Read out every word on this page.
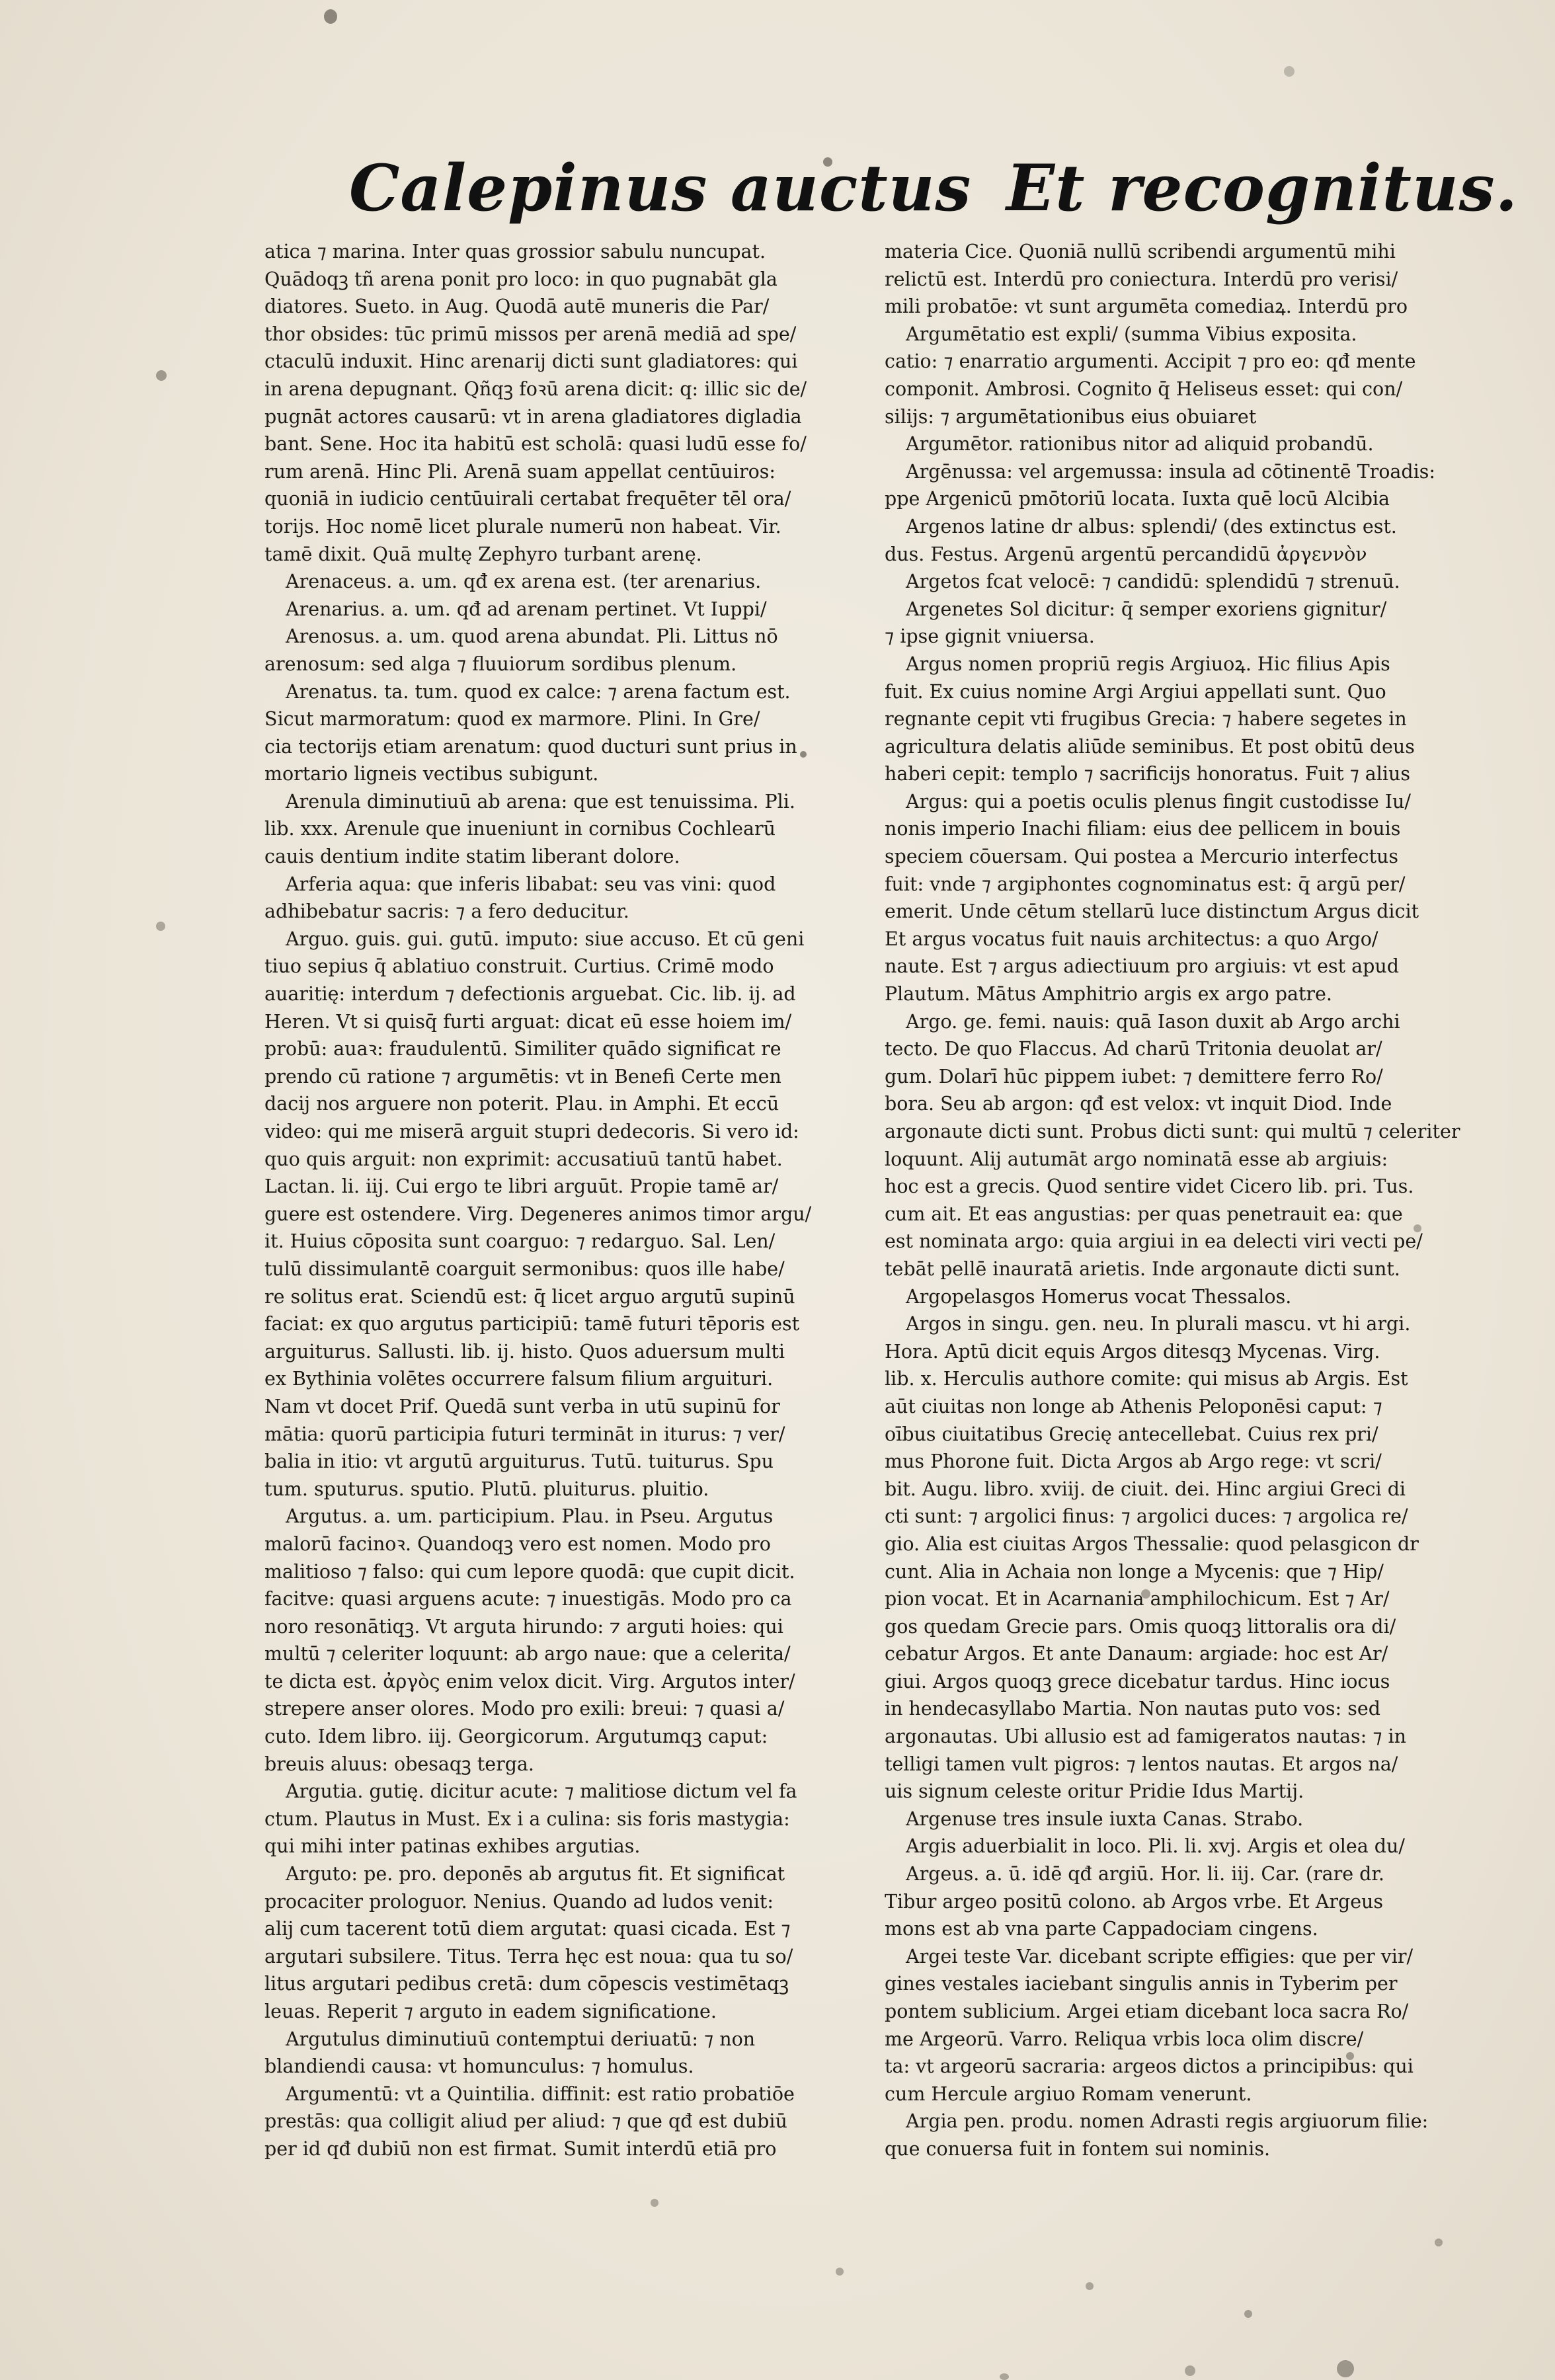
Calepinus auctus Et recognitus.
atica ⁊ marina. Inter quas grossior sabulu nuncupat.
Quādoqꝫ tñ arena ponit pro loco: in quo pugnabāt gla
diatores. Sueto. in Aug. Quodā autē muneris die Par/
thor obsides: tūc primū missos per arenā mediā ad spe/
ctaculū induxit. Hinc arenarij dicti sunt gladiatores: qui
in arena depugnant. Qñqꝫ foꝛū arena dicit: q: illic sic de/
pugnāt actores causarū: vt in arena gladiatores digladia
bant. Sene. Hoc ita habitū est scholā: quasi ludū esse fo/
rum arenā. Hinc Pli. Arenā suam appellat centūuiros:
quoniā in iudicio centūuirali certabat frequēter tēl ora/
torijs. Hoc nomē licet plurale numerū non habeat. Vir.
tamē dixit. Quā multę Zephyro turbant arenę.
Arenaceus. a. um. qđ ex arena est. (ter arenarius.
Arenarius. a. um. qđ ad arenam pertinet. Vt Iuppi/
Arenosus. a. um. quod arena abundat. Pli. Littus nō
arenosum: sed alga ⁊ fluuiorum sordibus plenum.
Arenatus. ta. tum. quod ex calce: ⁊ arena factum est.
Sicut marmoratum: quod ex marmore. Plini. In Gre/
cia tectorijs etiam arenatum: quod ducturi sunt prius in
mortario ligneis vectibus subigunt.
Arenula diminutiuū ab arena: que est tenuissima. Pli.
lib. xxx. Arenule que inueniunt in cornibus Cochlearū
cauis dentium indite statim liberant dolore.
Arferia aqua: que inferis libabat: seu vas vini: quod
adhibebatur sacris: ⁊ a fero deducitur.
Arguo. guis. gui. gutū. imputo: siue accuso. Et cū geni
tiuo sepius q̄ ablatiuo construit. Curtius. Crimē modo
auaritię: interdum ⁊ defectionis arguebat. Cic. lib. ij. ad
Heren. Vt si quisq̄ furti arguat: dicat eū esse hoiem im/
probū: auaꝛ: fraudulentū. Similiter quādo significat re
prendo cū ratione ⁊ argumētis: vt in Benefi Certe men
dacij nos arguere non poterit. Plau. in Amphi. Et eccū
video: qui me miserā arguit stupri dedecoris. Si vero id:
quo quis arguit: non exprimit: accusatiuū tantū habet.
Lactan. li. iij. Cui ergo te libri arguūt. Propie tamē ar/
guere est ostendere. Virg. Degeneres animos timor argu/
it. Huius cōposita sunt coarguo: ⁊ redarguo. Sal. Len/
tulū dissimulantē coarguit sermonibus: quos ille habe/
re solitus erat. Sciendū est: q̄ licet arguo argutū supinū
faciat: ex quo argutus participiū: tamē futuri tēporis est
arguiturus. Sallusti. lib. ij. histo. Quos aduersum multi
ex Bythinia volētes occurrere falsum filium arguituri.
Nam vt docet Prif. Quedā sunt verba in utū supinū for
mātia: quorū participia futuri termināt in iturus: ⁊ ver/
balia in itio: vt argutū arguiturus. Tutū. tuiturus. Spu
tum. sputurus. sputio. Plutū. pluiturus. pluitio.
Argutus. a. um. participium. Plau. in Pseu. Argutus
malorū facinoꝛ. Quandoqꝫ vero est nomen. Modo pro
malitioso ⁊ falso: qui cum lepore quodā: que cupit dicit.
facitve: quasi arguens acute: ⁊ inuestigās. Modo pro ca
noro resonātiqꝫ. Vt arguta hirundo: ⁊ arguti hoies: qui
multū ⁊ celeriter loquunt: ab argo naue: que a celerita/
te dicta est. ἀργὸς enim velox dicit. Virg. Argutos inter/
strepere anser olores. Modo pro exili: breui: ⁊ quasi a/
cuto. Idem libro. iij. Georgicorum. Argutumqꝫ caput:
breuis aluus: obesaqꝫ terga.
Argutia. gutię. dicitur acute: ⁊ malitiose dictum vel fa
ctum. Plautus in Must. Ex i a culina: sis foris mastygia:
qui mihi inter patinas exhibes argutias.
Arguto: pe. pro. deponēs ab argutus fit. Et significat
procaciter prologuor. Nenius. Quando ad ludos venit:
alij cum tacerent totū diem argutat: quasi cicada. Est ⁊
argutari subsilere. Titus. Terra hęc est noua: qua tu so/
litus argutari pedibus cretā: dum cōpescis vestimētaqꝫ
leuas. Reperit ⁊ arguto in eadem significatione.
Argutulus diminutiuū contemptui deriuatū: ⁊ non
blandiendi causa: vt homunculus: ⁊ homulus.
Argumentū: vt a Quintilia. diffinit: est ratio probatiōe
prestās: qua colligit aliud per aliud: ⁊ que qđ est dubiū
per id qđ dubiū non est firmat. Sumit interdū etiā pro
materia Cice. Quoniā nullū scribendi argumentū mihi
relictū est. Interdū pro coniectura. Interdū pro verisi/
mili probatōe: vt sunt argumēta comediaꝝ. Interdū pro
Argumētatio est expli/ (summa Vibius exposita.
catio: ⁊ enarratio argumenti. Accipit ⁊ pro eo: qđ mente
componit. Ambrosi. Cognito q̄ Heliseus esset: qui con/
silijs: ⁊ argumētationibus eius obuiaret
Argumētor. rationibus nitor ad aliquid probandū.
Argēnussa: vel argemussa: insula ad cōtinentē Troadis:
ppe Argenicū pmōtoriū locata. Iuxta quē locū Alcibia
Argenos latine dr albus: splendi/ (des extinctus est.
dus. Festus. Argenū argentū percandidū ἀργεννὸν
Argetos fcat velocē: ⁊ candidū: splendidū ⁊ strenuū.
Argenetes Sol dicitur: q̄ semper exoriens gignitur/
⁊ ipse gignit vniuersa.
Argus nomen propriū regis Argiuoꝝ. Hic filius Apis
fuit. Ex cuius nomine Argi Argiui appellati sunt. Quo
regnante cepit vti frugibus Grecia: ⁊ habere segetes in
agricultura delatis aliūde seminibus. Et post obitū deus
haberi cepit: templo ⁊ sacrificijs honoratus. Fuit ⁊ alius
Argus: qui a poetis oculis plenus fingit custodisse Iu/
nonis imperio Inachi filiam: eius dee pellicem in bouis
speciem cōuersam. Qui postea a Mercurio interfectus
fuit: vnde ⁊ argiphontes cognominatus est: q̄ argū per/
emerit. Unde cētum stellarū luce distinctum Argus dicit
Et argus vocatus fuit nauis architectus: a quo Argo/
naute. Est ⁊ argus adiectiuum pro argiuis: vt est apud
Plautum. Mātus Amphitrio argis ex argo patre.
Argo. ge. femi. nauis: quā Iason duxit ab Argo archi
tecto. De quo Flaccus. Ad charū Tritonia deuolat ar/
gum. Dolarī hūc pippem iubet: ⁊ demittere ferro Ro/
bora. Seu ab argon: qđ est velox: vt inquit Diod. Inde
argonaute dicti sunt. Probus dicti sunt: qui multū ⁊ celeriter
loquunt. Alij autumāt argo nominatā esse ab argiuis:
hoc est a grecis. Quod sentire videt Cicero lib. pri. Tus.
cum ait. Et eas angustias: per quas penetrauit ea: que
est nominata argo: quia argiui in ea delecti viri vecti pe/
tebāt pellē inauratā arietis. Inde argonaute dicti sunt.
Argopelasgos Homerus vocat Thessalos.
Argos in singu. gen. neu. In plurali mascu. vt hi argi.
Hora. Aptū dicit equis Argos ditesqꝫ Mycenas. Virg.
lib. x. Herculis authore comite: qui misus ab Argis. Est
aūt ciuitas non longe ab Athenis Peloponēsi caput: ⁊
oībus ciuitatibus Grecię antecellebat. Cuius rex pri/
mus Phorone fuit. Dicta Argos ab Argo rege: vt scri/
bit. Augu. libro. xviij. de ciuit. dei. Hinc argiui Greci di
cti sunt: ⁊ argolici finus: ⁊ argolici duces: ⁊ argolica re/
gio. Alia est ciuitas Argos Thessalie: quod pelasgicon dr
cunt. Alia in Achaia non longe a Mycenis: que ⁊ Hip/
pion vocat. Et in Acarnania amphilochicum. Est ⁊ Ar/
gos quedam Grecie pars. Omis quoqꝫ littoralis ora di/
cebatur Argos. Et ante Danaum: argiade: hoc est Ar/
giui. Argos quoqꝫ grece dicebatur tardus. Hinc iocus
in hendecasyllabo Martia. Non nautas puto vos: sed
argonautas. Ubi allusio est ad famigeratos nautas: ⁊ in
telligi tamen vult pigros: ⁊ lentos nautas. Et argos na/
uis signum celeste oritur Pridie Idus Martij.
Argenuse tres insule iuxta Canas. Strabo.
Argis aduerbialit in loco. Pli. li. xvj. Argis et olea du/
Argeus. a. ū. idē qđ argiū. Hor. li. iij. Car. (rare dr.
Tibur argeo positū colono. ab Argos vrbe. Et Argeus
mons est ab vna parte Cappadociam cingens.
Argei teste Var. dicebant scripte effigies: que per vir/
gines vestales iaciebant singulis annis in Tyberim per
pontem sublicium. Argei etiam dicebant loca sacra Ro/
me Argeorū. Varro. Reliqua vrbis loca olim discre/
ta: vt argeorū sacraria: argeos dictos a principibus: qui
cum Hercule argiuo Romam venerunt.
Argia pen. produ. nomen Adrasti regis argiuorum filie:
que conuersa fuit in fontem sui nominis.
